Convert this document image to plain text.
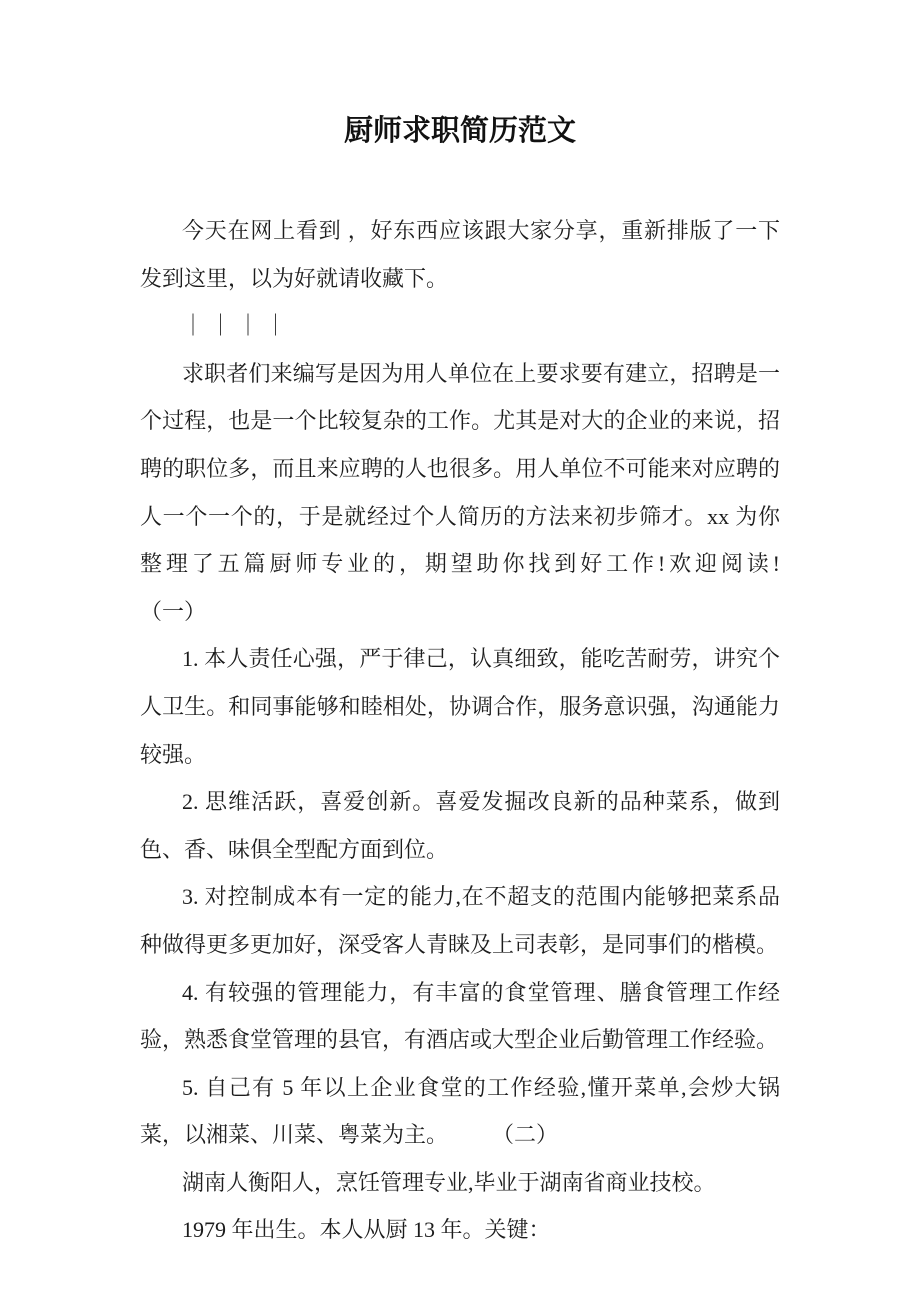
厨师求职简历范文

今天在网上看到 ，好东西应该跟大家分享，重新排版了一下发到这里，以为好就请收藏下。

｜ ｜ ｜ ｜

求职者们来编写是因为用人单位在上要求要有建立，招聘是一个过程，也是一个比较复杂的工作。尤其是对大的企业的来说，招聘的职位多，而且来应聘的人也很多。用人单位不可能来对应聘的人一个一个的，于是就经过个人简历的方法来初步筛才。xx 为你整理了五篇厨师专业的，期望助你找到好工作!欢迎阅读!　　　（一）

1. 本人责任心强，严于律己，认真细致，能吃苦耐劳，讲究个人卫生。和同事能够和睦相处，协调合作，服务意识强，沟通能力较强。

2. 思维活跃，喜爱创新。喜爱发掘改良新的品种菜系，做到色、香、味俱全型配方面到位。

3. 对控制成本有一定的能力,在不超支的范围内能够把菜系品种做得更多更加好，深受客人青睐及上司表彰，是同事们的楷模。

4. 有较强的管理能力，有丰富的食堂管理、膳食管理工作经验，熟悉食堂管理的县官，有酒店或大型企业后勤管理工作经验。

5. 自己有 5 年以上企业食堂的工作经验,懂开菜单,会炒大锅菜，以湘菜、川菜、粤菜为主。　　　（二）

湖南人衡阳人，烹饪管理专业,毕业于湖南省商业技校。

1979 年出生。本人从厨 13 年。关键：
